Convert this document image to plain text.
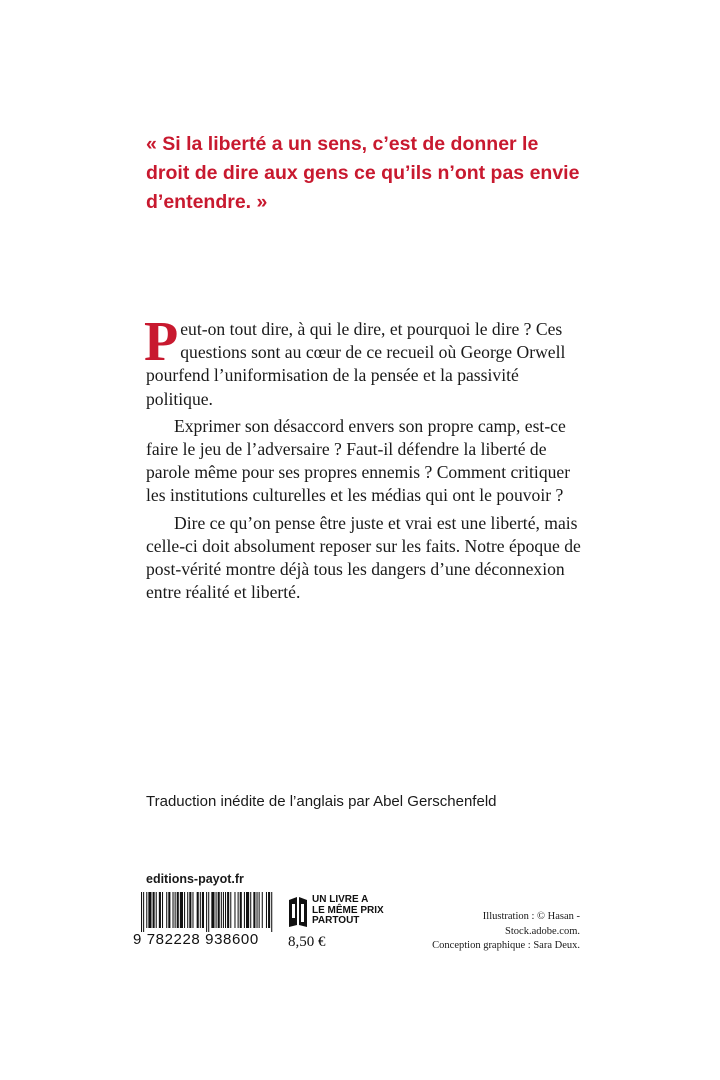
« Si la liberté a un sens, c’est de donner le
droit de dire aux gens ce qu’ils n’ont pas envie
d’entendre. »

Peut-on tout dire, à qui le dire, et pourquoi le dire ? Ces questions sont au cœur de ce recueil où George Orwell pourfend l’uniformisation de la pensée et la passivité politique.

Exprimer son désaccord envers son propre camp, est-ce faire le jeu de l’adversaire ? Faut-il défendre la liberté de parole même pour ses propres ennemis ? Comment critiquer les institutions culturelles et les médias qui ont le pouvoir ?

Dire ce qu’on pense être juste et vrai est une liberté, mais celle-ci doit absolument reposer sur les faits. Notre époque de post-vérité montre déjà tous les dangers d’une déconnexion entre réalité et liberté.

Traduction inédite de l’anglais par Abel Gerschenfeld
editions-payot.fr
9 782228 938600
UN LIVRE A
LE MÊME PRIX
PARTOUT
8,50 €
Illustration : © Hasan -
Stock.adobe.com.
Conception graphique : Sara Deux.
